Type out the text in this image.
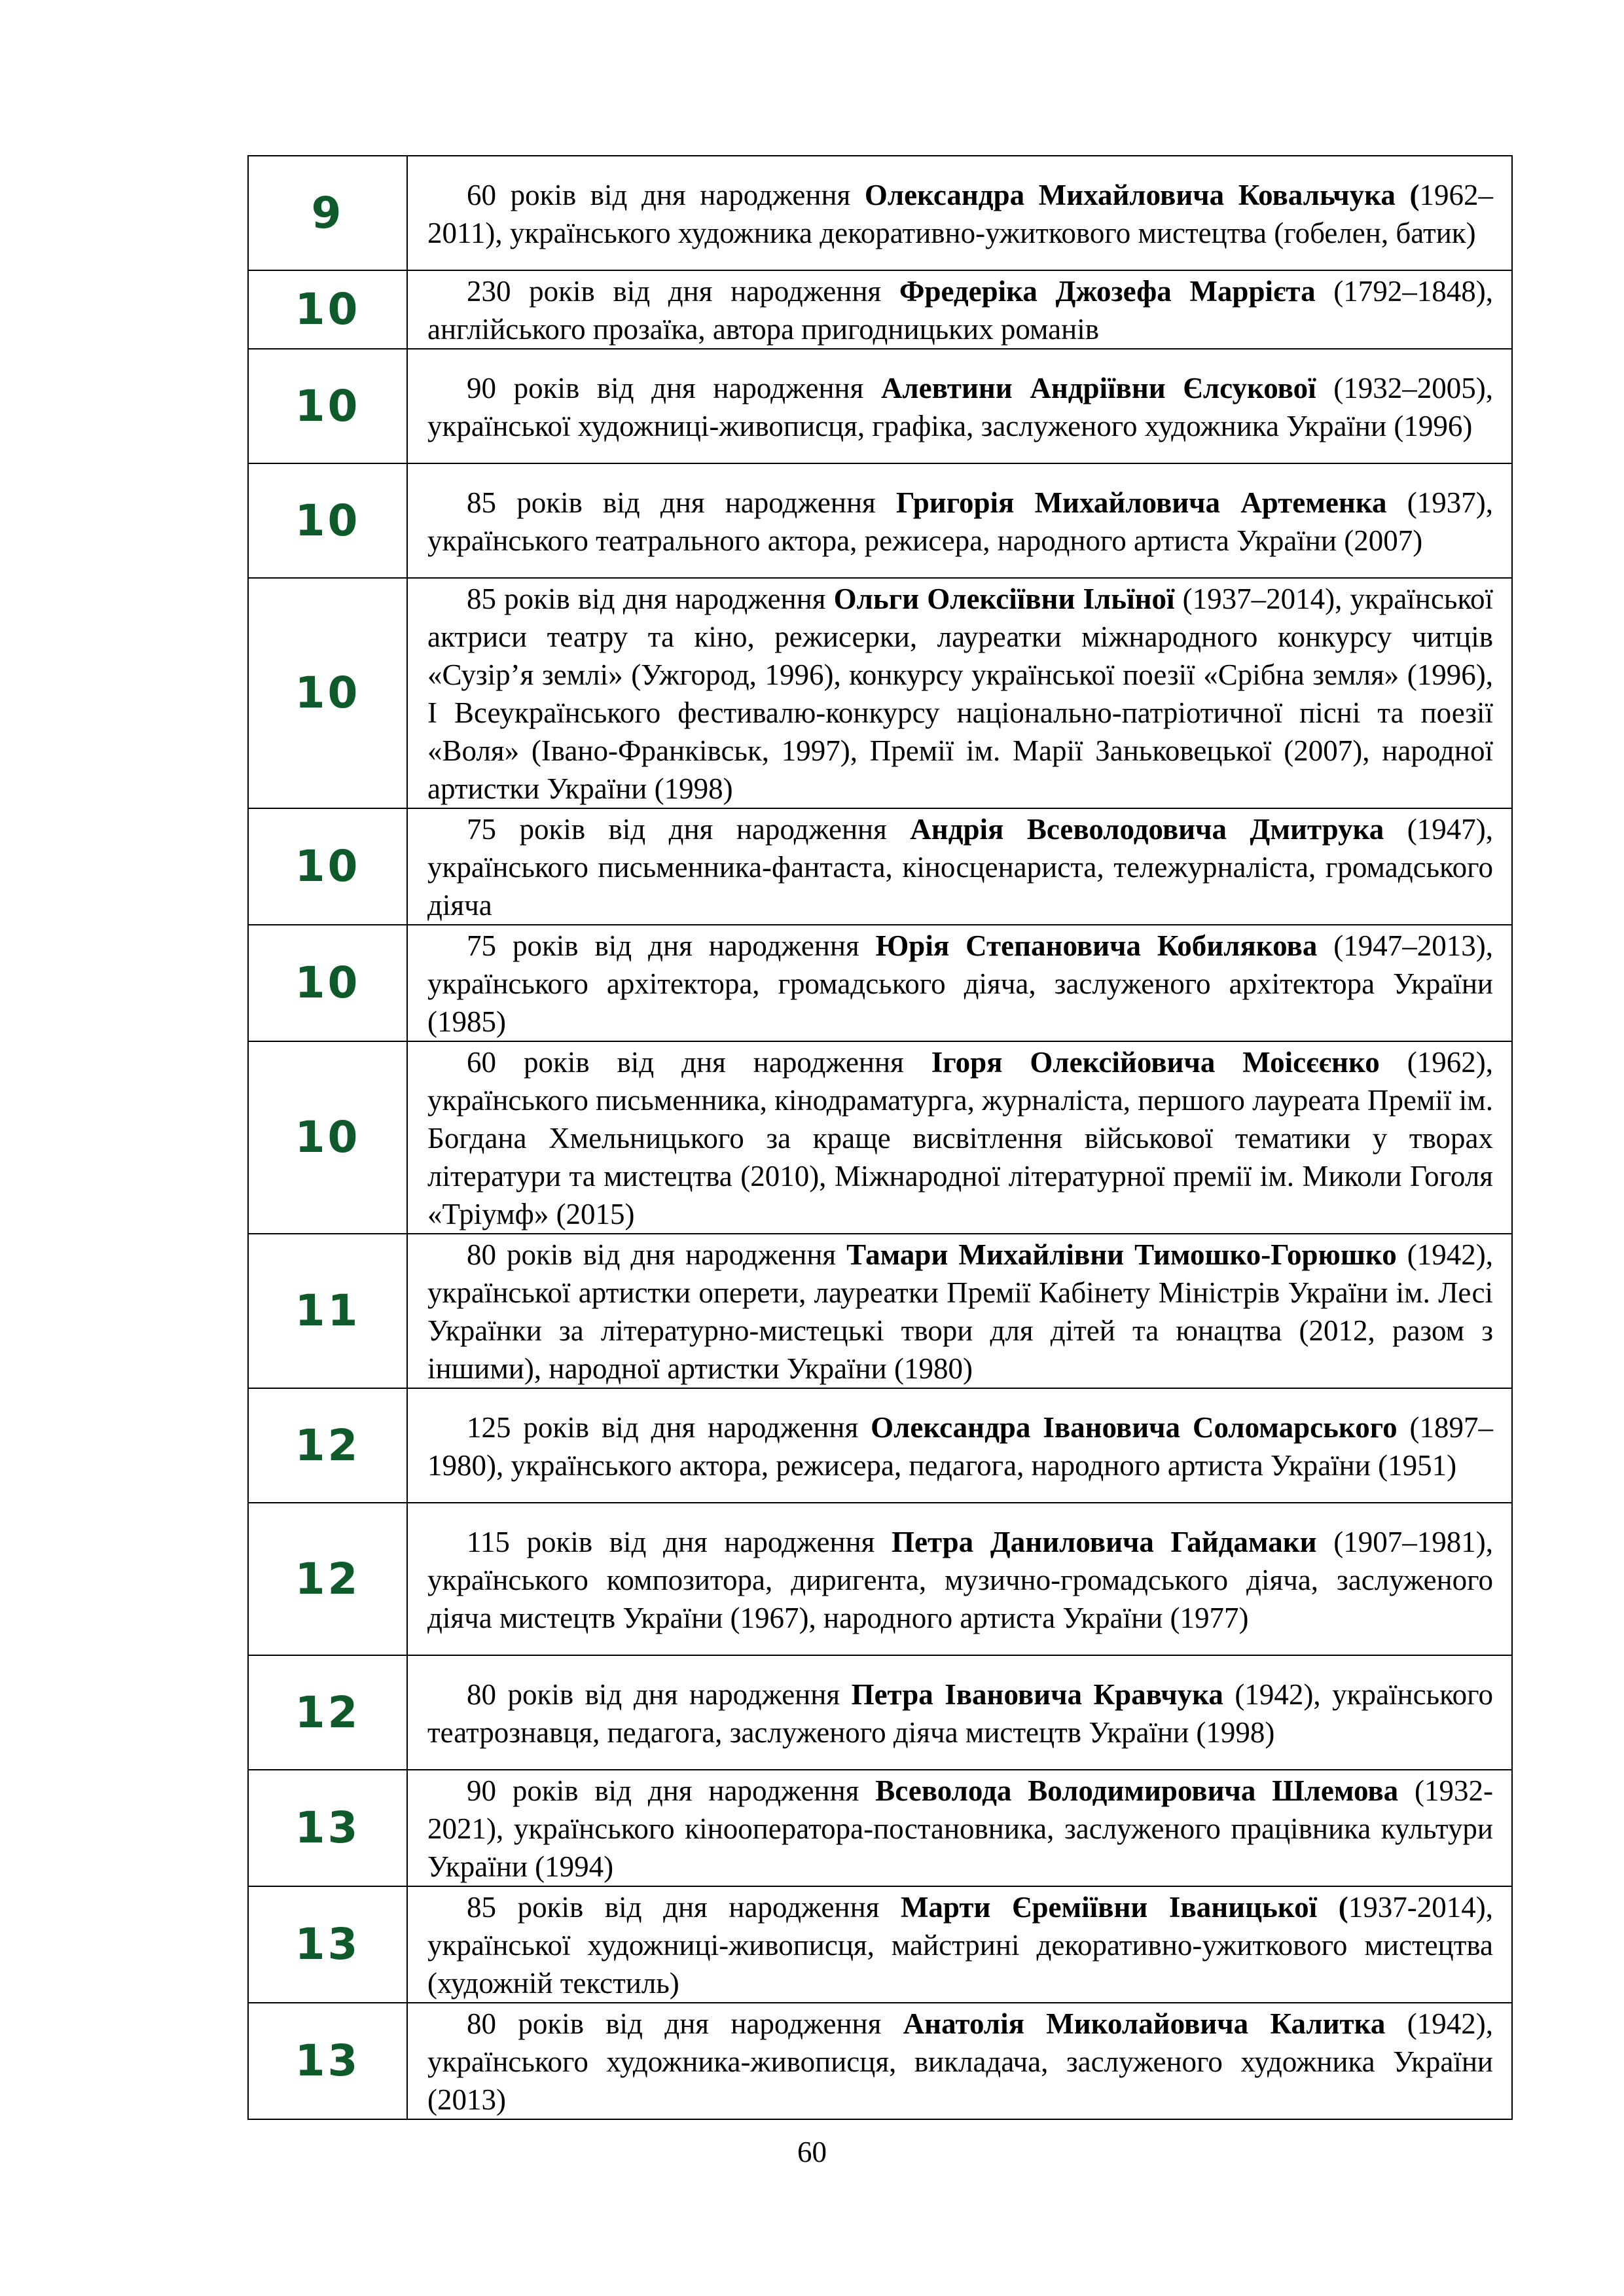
9	60 років від дня народження Олександра Михайловича Ковальчука (1962–2011), українського художника декоративно-ужиткового мистецтва (гобелен, батик)

10	230 років від дня народження Фредеріка Джозефа Маррієта (1792–1848), англійського прозаїка, автора пригодницьких романів

10	90 років від дня народження Алевтини Андріївни Єлсукової (1932–2005), української художниці-живописця, графіка, заслуженого художника України (1996)

10	85 років від дня народження Григорія Михайловича Артеменка (1937), українського театрального актора, режисера, народного артиста України (2007)

10	85 років від дня народження Ольги Олексіївни Ільїної (1937–2014), української актриси театру та кіно, режисерки, лауреатки міжнародного конкурсу читців «Сузір’я землі» (Ужгород, 1996), конкурсу української поезії «Срібна земля» (1996), І Всеукраїнського фестивалю-конкурсу національно-патріотичної пісні та поезії «Воля» (Івано-Франківськ, 1997), Премії ім. Марії Заньковецької (2007), народної артистки України (1998)

10	75 років від дня народження Андрія Всеволодовича Дмитрука (1947), українського письменника-фантаста, кіносценариста, тележурналіста, громадського діяча

10	75 років від дня народження Юрія Степановича Кобилякова (1947–2013), українського архітектора, громадського діяча, заслуженого архітектора України (1985)

10	60 років від дня народження Ігоря Олексійовича Моісєєнко (1962), українського письменника, кінодраматурга, журналіста, першого лауреата Премії ім. Богдана Хмельницького за краще висвітлення військової тематики у творах літератури та мистецтва (2010), Міжнародної літературної премії ім. Миколи Гоголя «Тріумф» (2015)

11	80 років від дня народження Тамари Михайлівни Тимошко-Горюшко (1942), української артистки оперети, лауреатки Премії Кабінету Міністрів України ім. Лесі Українки за літературно-мистецькі твори для дітей та юнацтва (2012, разом з іншими), народної артистки України (1980)

12	125 років від дня народження Олександра Івановича Соломарського (1897–1980), українського актора, режисера, педагога, народного артиста України (1951)

12	115 років від дня народження Петра Даниловича Гайдамаки (1907–1981), українського композитора, диригента, музично-громадського діяча, заслуженого діяча мистецтв України (1967), народного артиста України (1977)

12	80 років від дня народження Петра Івановича Кравчука (1942), українського театрознавця, педагога, заслуженого діяча мистецтв України (1998)

13	90 років від дня народження Всеволода Володимировича Шлемова (1932-2021), українського кінооператора-постановника, заслуженого працівника культури України (1994)

13	85 років від дня народження Марти Єреміївни Іваницької (1937-2014), української художниці-живописця, майстрині декоративно-ужиткового мистецтва (художній текстиль)

13	80 років від дня народження Анатолія Миколайовича Калитка (1942), українського художника-живописця, викладача, заслуженого художника України (2013)

60
